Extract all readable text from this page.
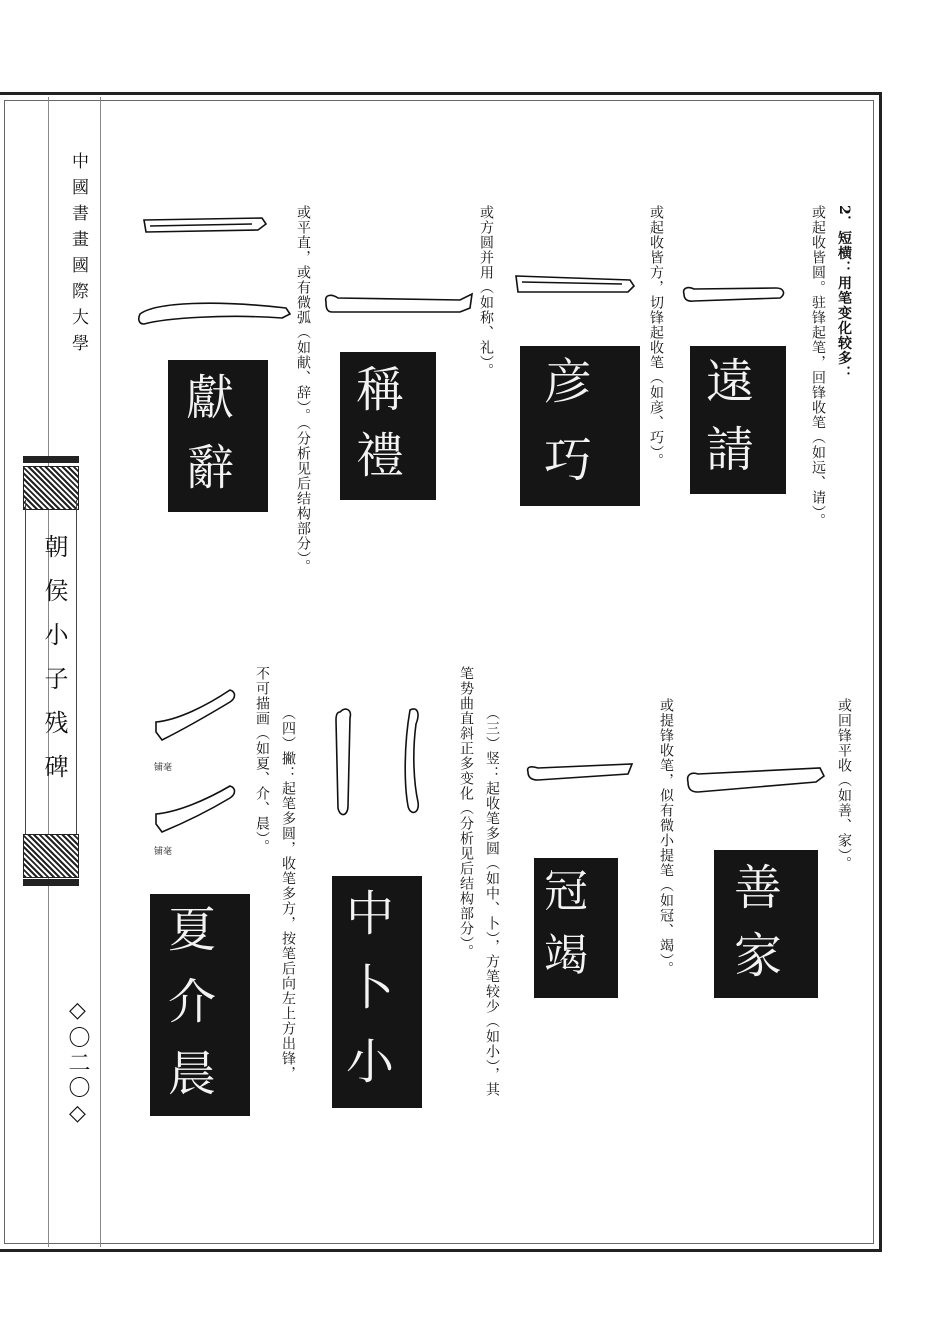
中國書畫國際大學
朝侯小子残碑
◇〇二〇◇
2．短横：用笔变化较多：
或起收皆圆。驻锋起笔，回锋收笔（如远、请）。
或起收皆方，切锋起收笔（如彦、巧）。
或方圆并用（如称、礼）。
或平直，或有微弧（如献、辞）。（分析见后结构部分）。
或回锋平收（如善、家）。
或提锋收笔，似有微小提笔（如冠、竭）。
（三）竖：起收笔多圆（如中、卜），方笔较少（如小），其
笔势曲直斜正多变化（分析见后结构部分）。
（四）撇：起笔多圆，收笔多方，按笔后向左上方出锋，
不可描画（如夏、介、晨）。
铺毫
铺毫
遠
請
彦
巧
稱
禮
獻
辭
善
家
冠
竭
中
卜
小
夏
介
晨
